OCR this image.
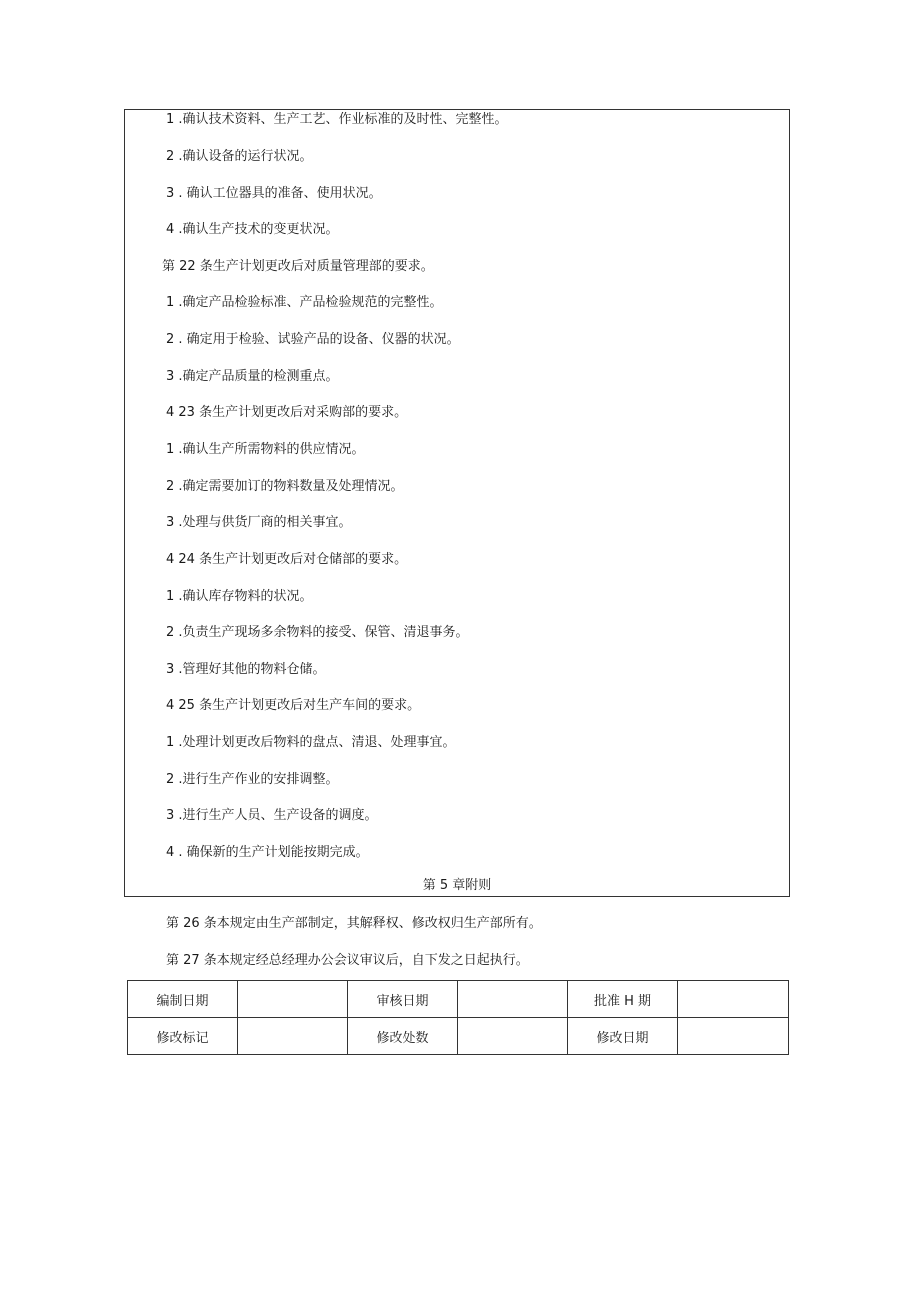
1 .确认技术资料、生产工艺、作业标准的及时性、完整性。
2 .确认设备的运行状况。
3 . 确认工位器具的准备、使用状况。
4 .确认生产技术的变更状况。
第 22 条生产计划更改后对质量管理部的要求。
1 .确定产品检验标准、产品检验规范的完整性。
2 . 确定用于检验、试验产品的设备、仪器的状况。
3 .确定产品质量的检测重点。
4 23 条生产计划更改后对采购部的要求。
1 .确认生产所需物料的供应情况。
2 .确定需要加订的物料数量及处理情况。
3 .处理与供货厂商的相关事宜。
4 24 条生产计划更改后对仓储部的要求。
1 .确认库存物料的状况。
2 .负责生产现场多余物料的接受、保管、清退事务。
3 .管理好其他的物料仓储。
4 25 条生产计划更改后对生产车间的要求。
1 .处理计划更改后物料的盘点、清退、处理事宜。
2 .进行生产作业的安排调整。
3 .进行生产人员、生产设备的调度。
4 . 确保新的生产计划能按期完成。
第 5 章附则
第 26 条本规定由生产部制定，其解释权、修改权归生产部所有。
第 27 条本规定经总经理办公会议审议后，自下发之日起执行。
编制日期		审核日期		批准 H 期	
修改标记		修改处数		修改日期	
